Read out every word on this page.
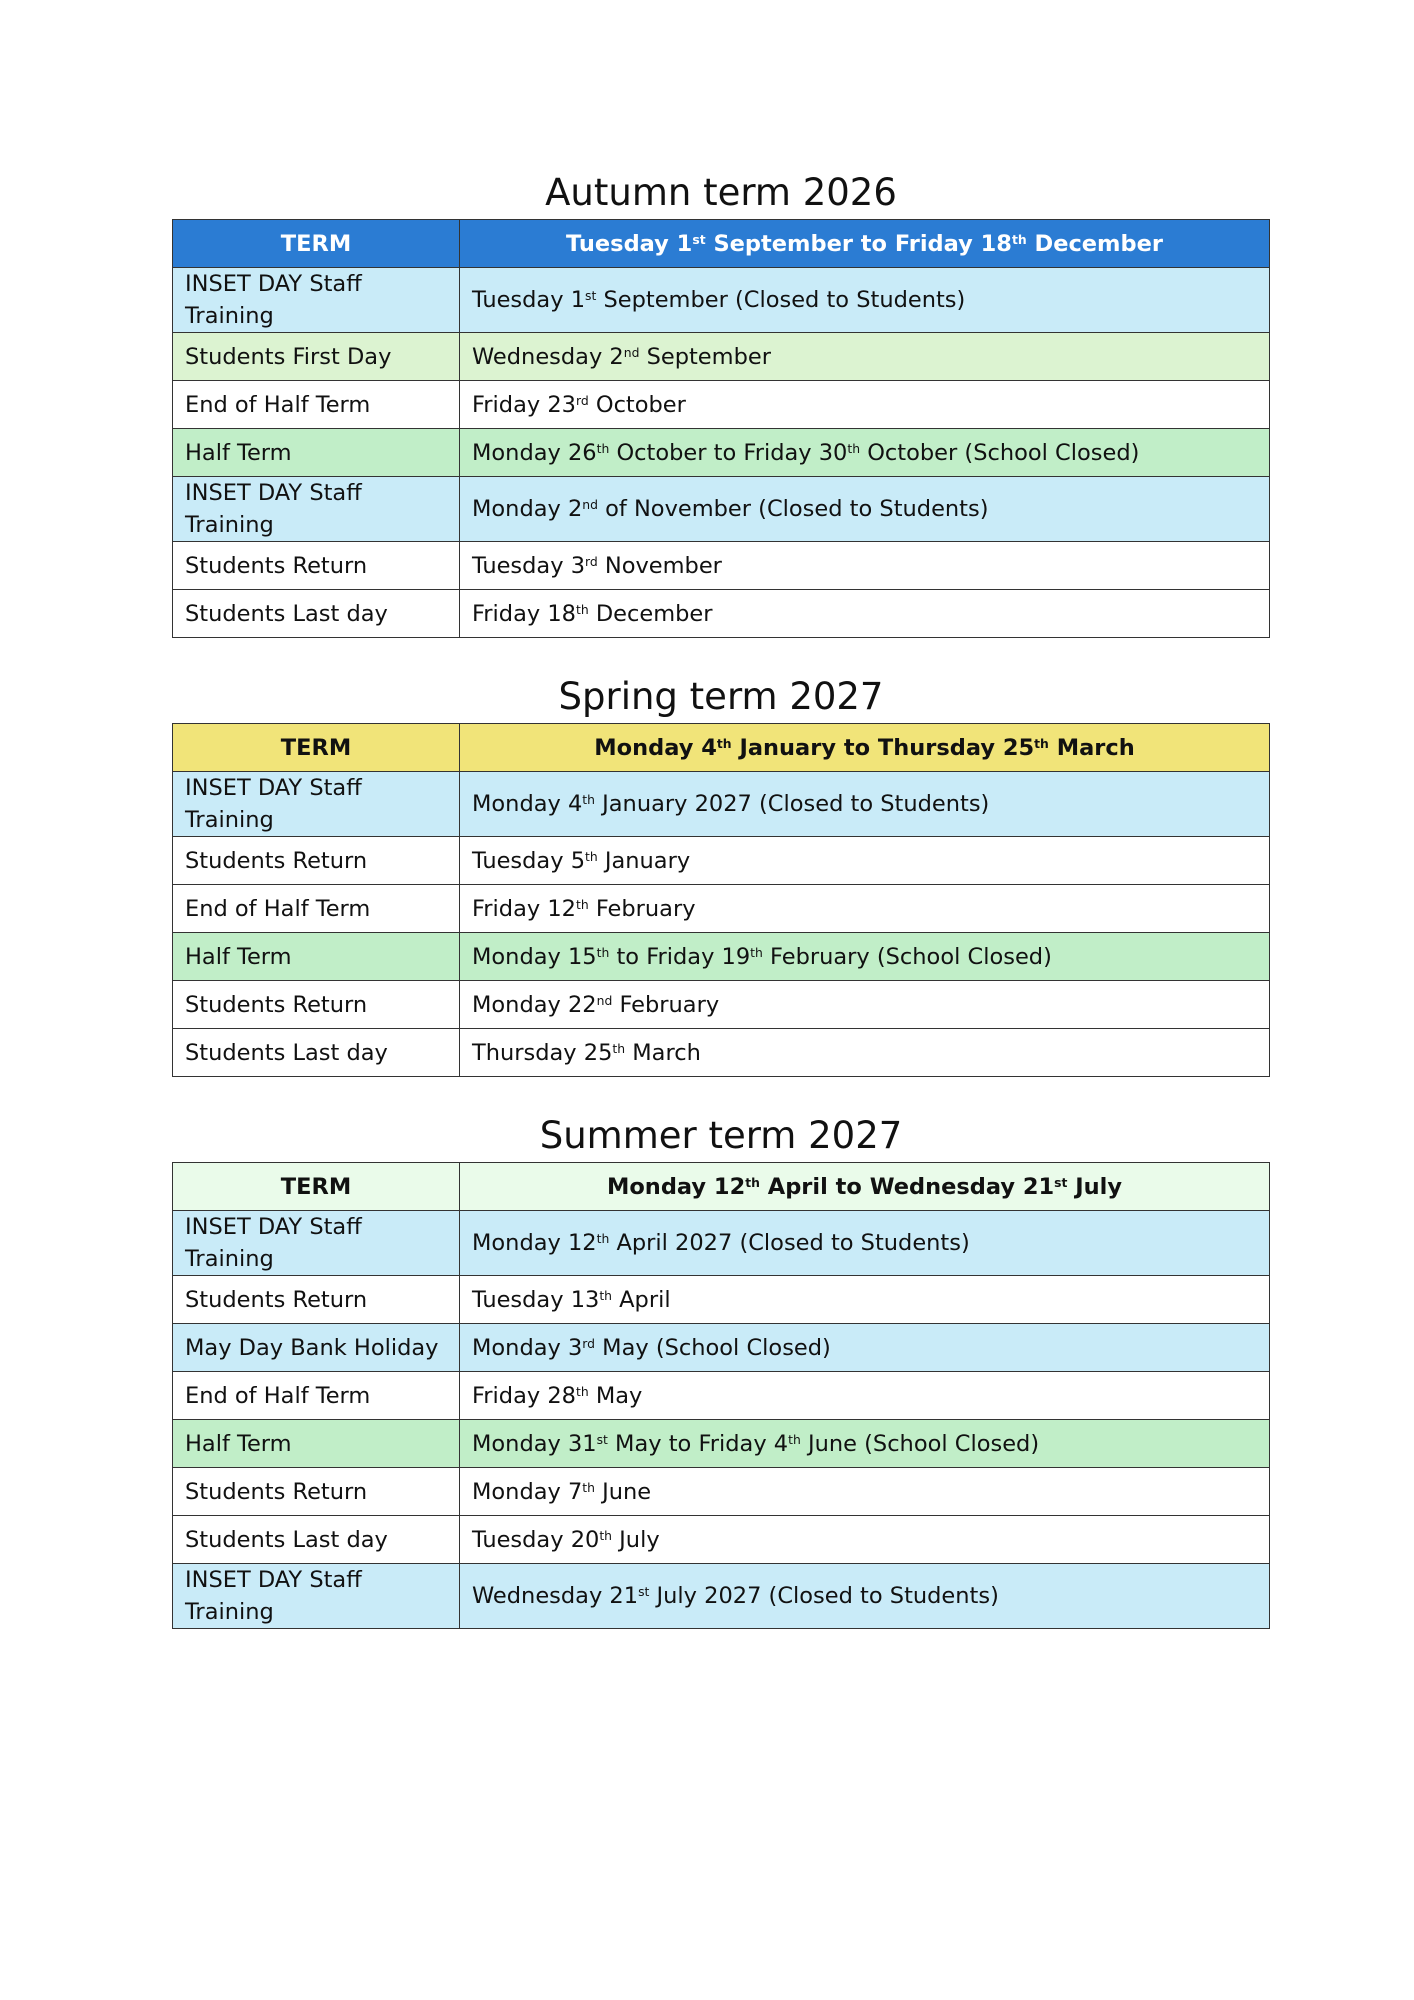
Autumn term 2026
TERM	Tuesday 1st September to Friday 18th December
INSET DAY Staff Training	Tuesday 1st September (Closed to Students)
Students First Day	Wednesday 2nd September
End of Half Term	Friday 23rd October
Half Term	Monday 26th October to Friday 30th October (School Closed)
INSET DAY Staff Training	Monday 2nd of November (Closed to Students)
Students Return	Tuesday 3rd November
Students Last day	Friday 18th December
Spring term 2027
TERM	Monday 4th January to Thursday 25th March
INSET DAY Staff Training	Monday 4th January 2027 (Closed to Students)
Students Return	Tuesday 5th January
End of Half Term	Friday 12th February
Half Term	Monday 15th to Friday 19th February (School Closed)
Students Return	Monday 22nd February
Students Last day	Thursday 25th March
Summer term 2027
TERM	Monday 12th April to Wednesday 21st July
INSET DAY Staff Training	Monday 12th April 2027 (Closed to Students)
Students Return	Tuesday 13th April
May Day Bank Holiday	Monday 3rd May (School Closed)
End of Half Term	Friday 28th May
Half Term	Monday 31st May to Friday 4th June (School Closed)
Students Return	Monday 7th June
Students Last day	Tuesday 20th July
INSET DAY Staff Training	Wednesday 21st July 2027 (Closed to Students)
